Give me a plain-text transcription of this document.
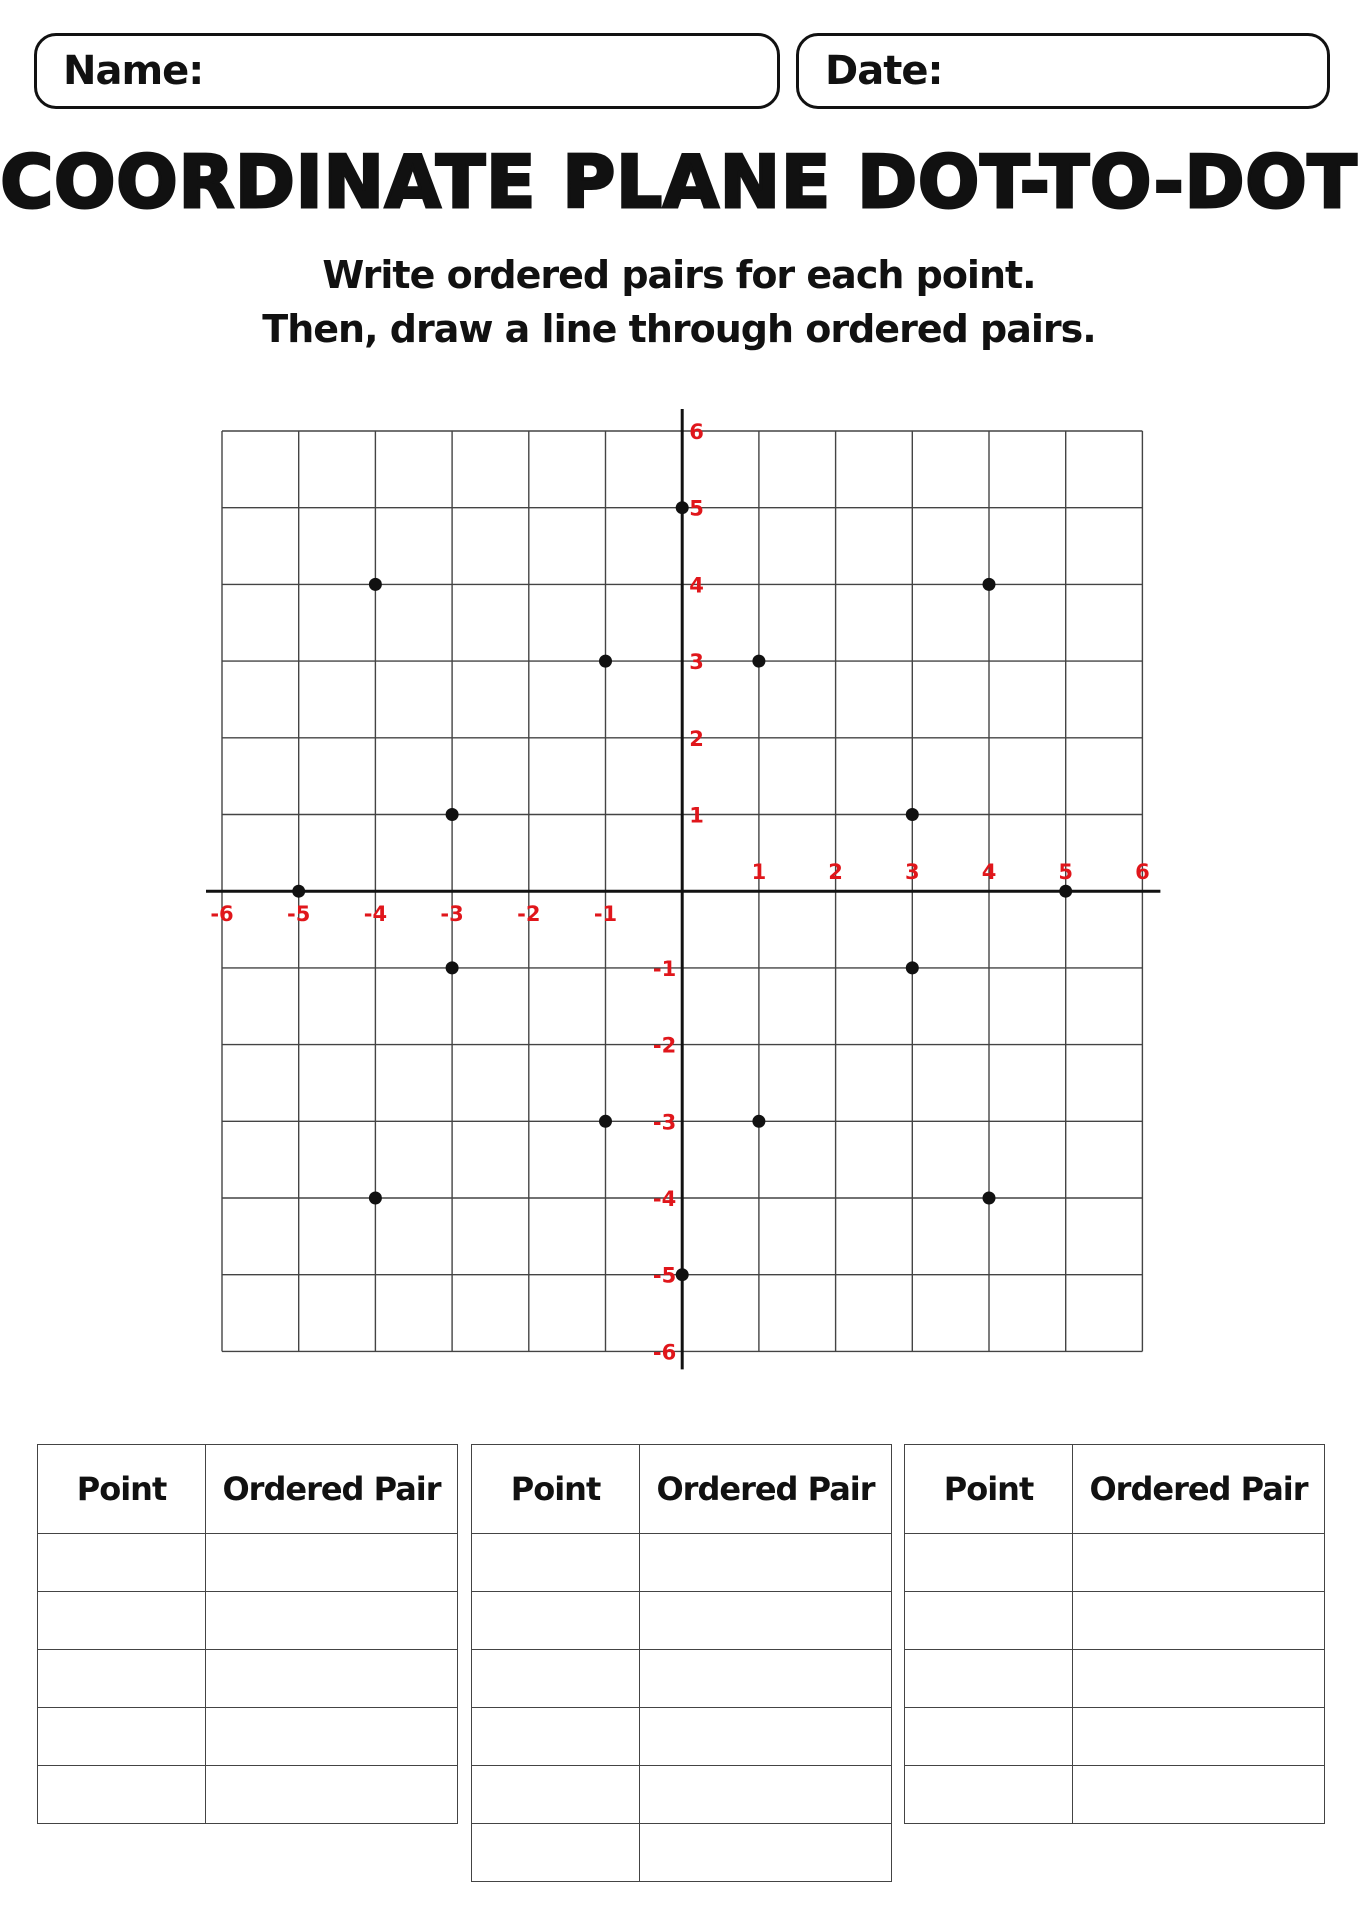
Name:	Date:
COORDINATE PLANE DOT-TO-DOT
Write ordered pairs for each point.
Then, draw a line through ordered pairs.
-6	-5	-4	-3	-2	-1
1	2	3	4	5	6
6
5
4
3
2
1
-1
-2
-3
-4
-5
-6
Point	Ordered Pair

	Point	Ordered Pair

	Point	Ordered Pair
